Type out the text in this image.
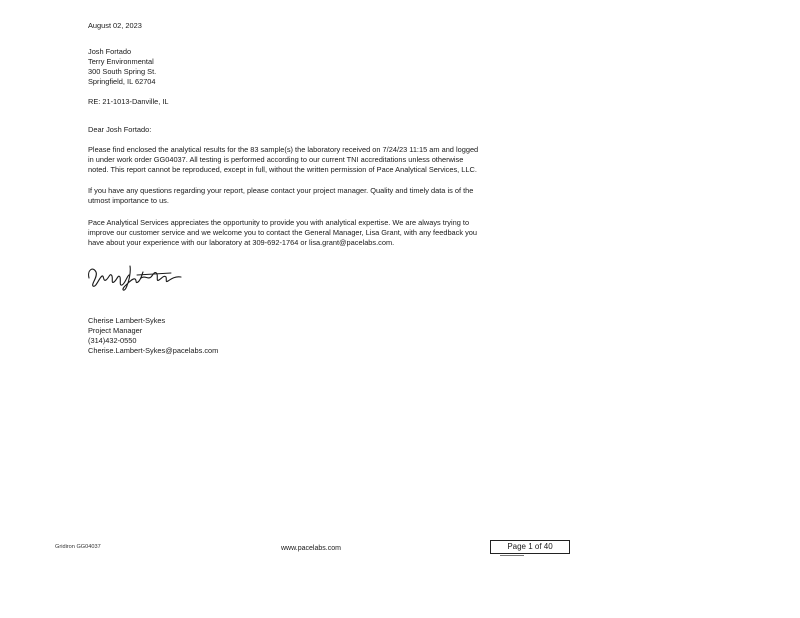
August 02, 2023
Josh Fortado
Terry Environmental
300 South Spring St.
Springfield, IL 62704
RE: 21-1013-Danville, IL
Dear Josh Fortado:

Please find enclosed the analytical results for the 83 sample(s) the laboratory received on 7/24/23 11:15 am and logged
in under work order GG04037. All testing is performed according to our current TNI accreditations unless otherwise
noted. This report cannot be reproduced, except in full, without the written permission of Pace Analytical Services, LLC.

If you have any questions regarding your report, please contact your project manager. Quality and timely data is of the
utmost importance to us.

Pace Analytical Services appreciates the opportunity to provide you with analytical expertise. We are always trying to
improve our customer service and we welcome you to contact the General Manager, Lisa Grant, with any feedback you
have about your experience with our laboratory at 309-692-1764 or lisa.grant@pacelabs.com.

Cherise Lambert-Sykes
Project Manager
(314)432-0550
Cherise.Lambert-Sykes@pacelabs.com
Gridiron GG04037	www.pacelabs.com	Page 1 of 40
